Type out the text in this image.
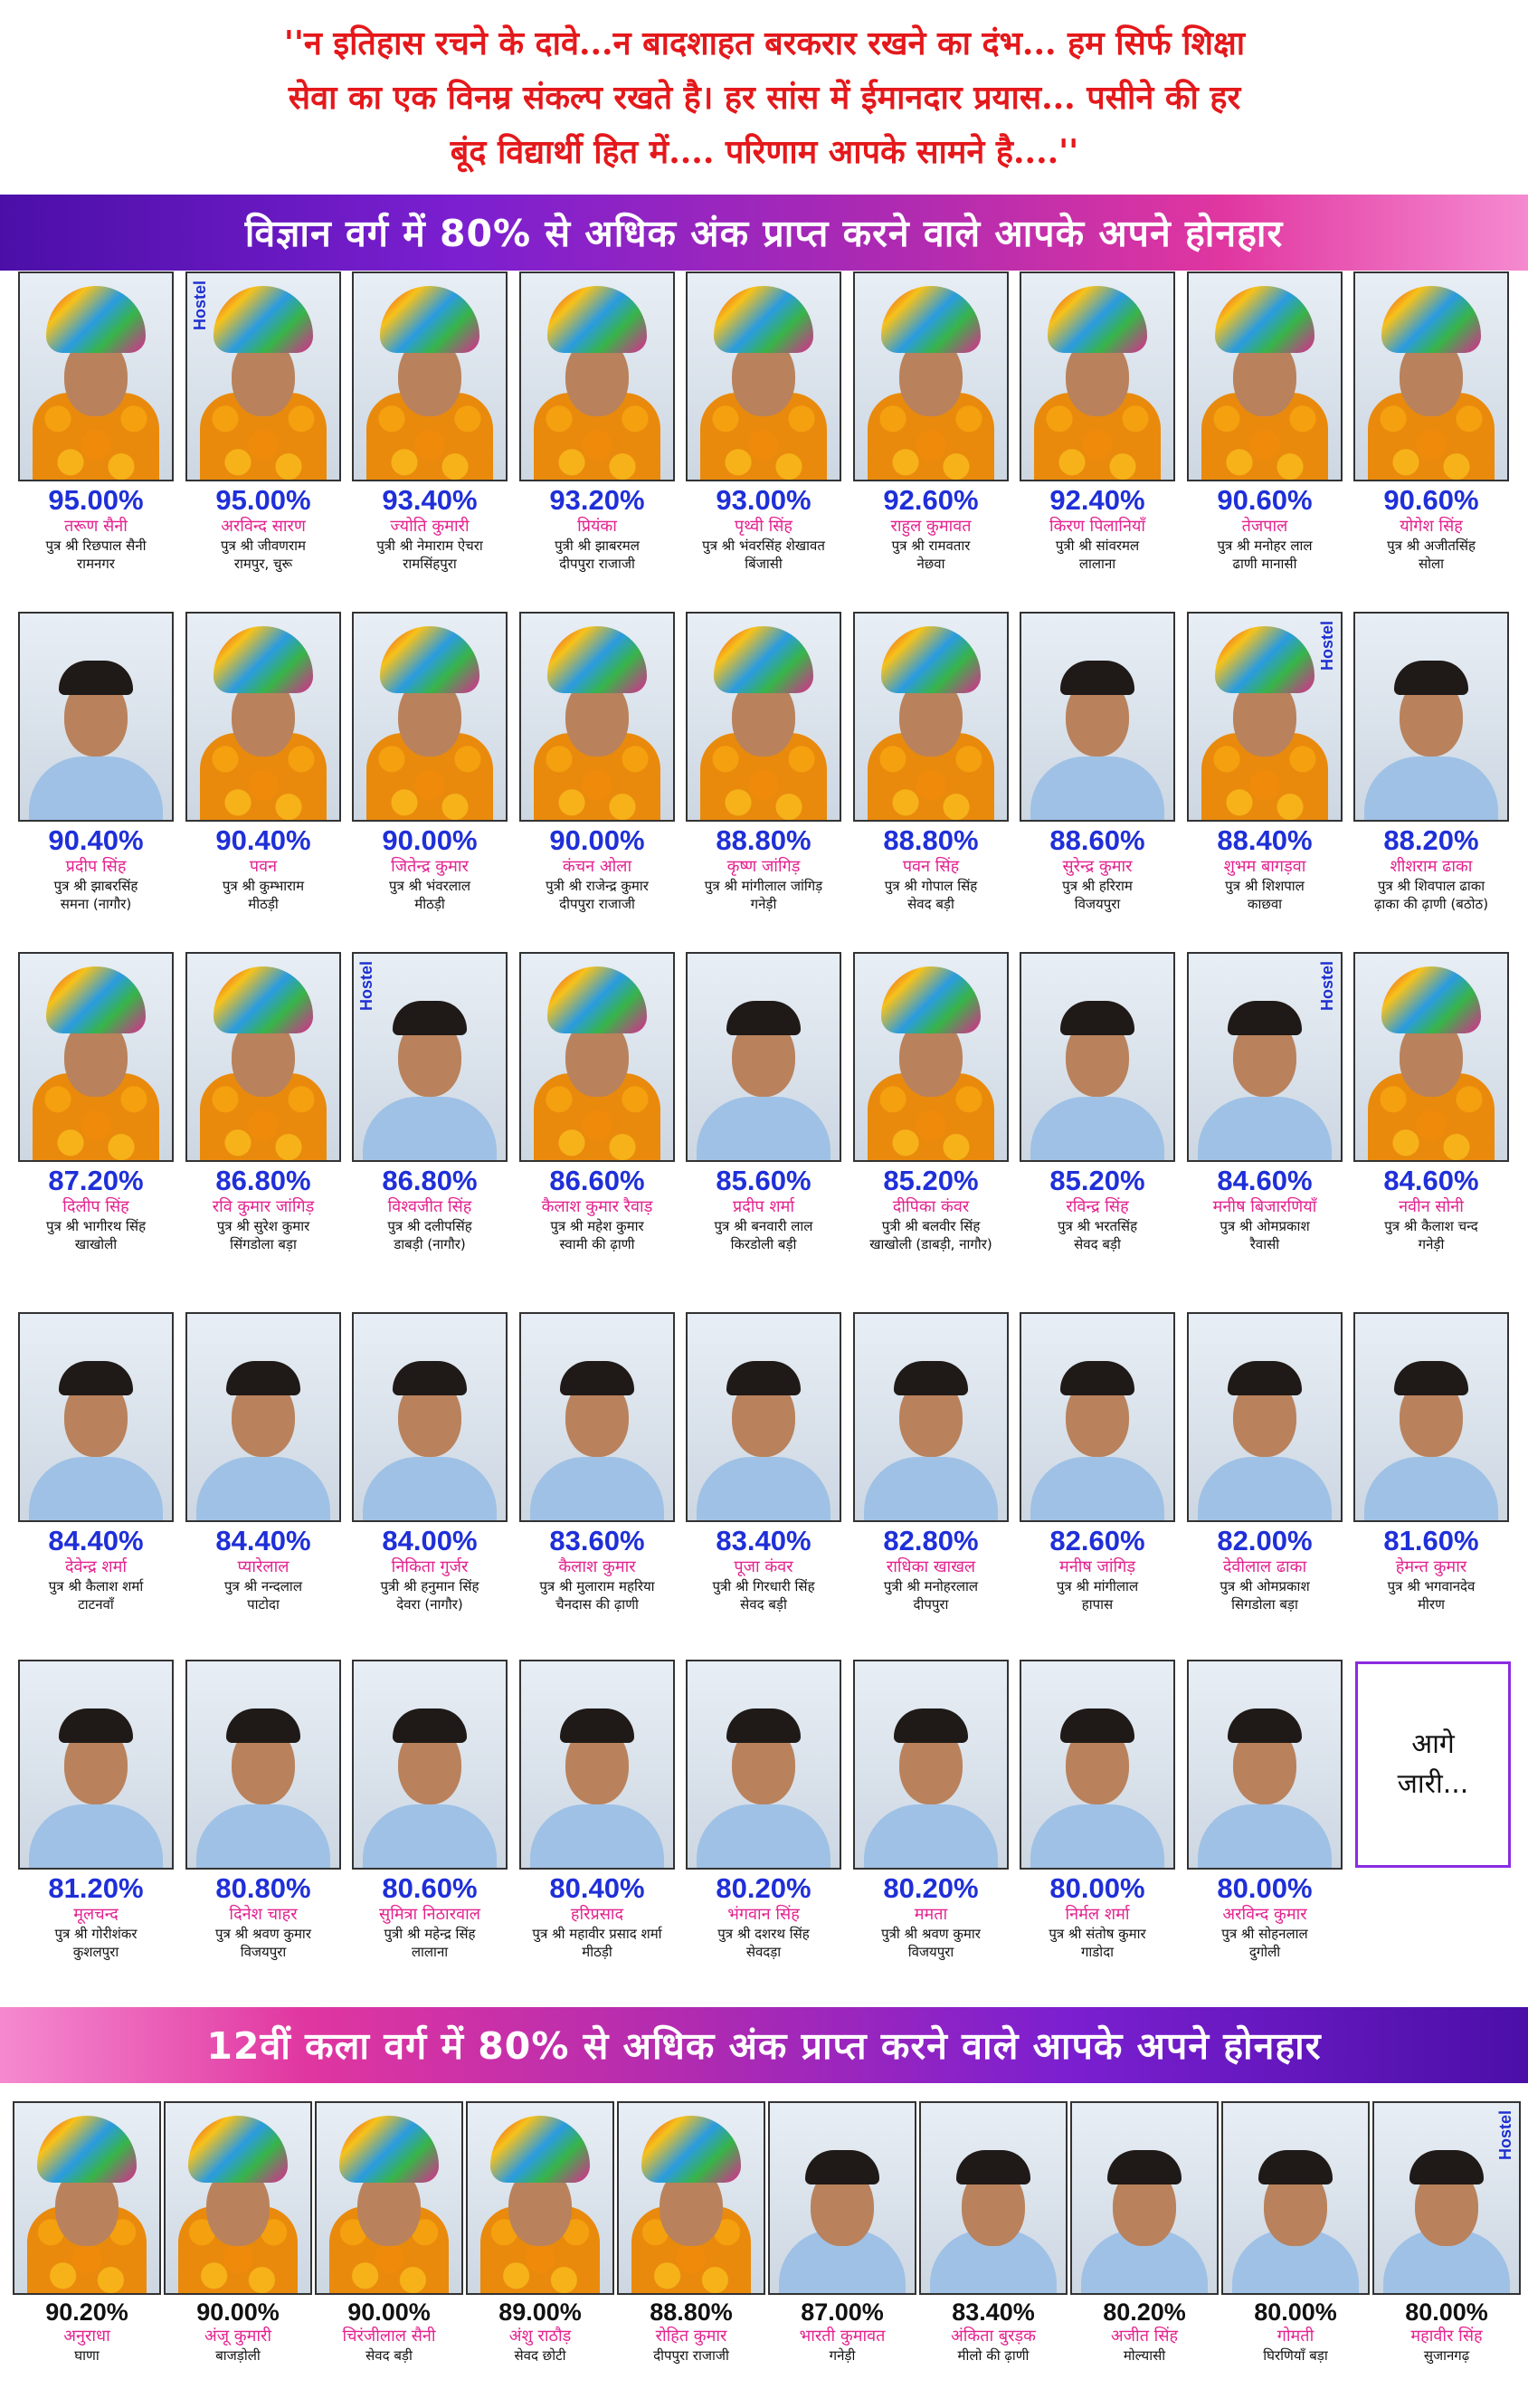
''न इतिहास रचने के दावे...न बादशाहत बरकरार रखने का दंभ... हम सिर्फ शिक्षा
सेवा का एक विनम्र संकल्प रखते है। हर सांस में ईमानदार प्रयास... पसीने की हर
बूंद विद्यार्थी हित में.... परिणाम आपके सामने है....''
विज्ञान वर्ग में 80% से अधिक अंक प्राप्त करने वाले आपके अपने होनहार
12वीं कला वर्ग में 80% से अधिक अंक प्राप्त करने वाले आपके अपने होनहार
95.00%
तरूण सैनी
पुत्र श्री रिछपाल सैनी
रामनगर
Hostel
95.00%
अरविन्द सारण
पुत्र श्री जीवणराम
रामपुर, चुरू
93.40%
ज्योति कुमारी
पुत्री श्री नेमाराम ऐचरा
रामसिंहपुरा
93.20%
प्रियंका
पुत्री श्री झाबरमल
दीपपुरा राजाजी
93.00%
पृथ्वी सिंह
पुत्र श्री भंवरसिंह शेखावत
बिंजासी
92.60%
राहुल कुमावत
पुत्र श्री रामवतार
नेछवा
92.40%
किरण पिलानियाँ
पुत्री श्री सांवरमल
लालाना
90.60%
तेजपाल
पुत्र श्री मनोहर लाल
ढाणी मानासी
90.60%
योगेश सिंह
पुत्र श्री अजीतसिंह
सोला
90.40%
प्रदीप सिंह
पुत्र श्री झाबरसिंह
समना (नागौर)
90.40%
पवन
पुत्र श्री कुम्भाराम
मीठड़ी
90.00%
जितेन्द्र कुमार
पुत्र श्री भंवरलाल
मीठड़ी
90.00%
कंचन ओला
पुत्री श्री राजेन्द्र कुमार
दीपपुरा राजाजी
88.80%
कृष्ण जांगिड़
पुत्र श्री मांगीलाल जांगिड़
गनेड़ी
88.80%
पवन सिंह
पुत्र श्री गोपाल सिंह
सेवद बड़ी
88.60%
सुरेन्द्र कुमार
पुत्र श्री हरिराम
विजयपुरा
Hostel
88.40%
शुभम बागड़वा
पुत्र श्री शिशपाल
काछवा
88.20%
शीशराम ढाका
पुत्र श्री शिवपाल ढाका
ढ़ाका की ढ़ाणी (बठोठ)
87.20%
दिलीप सिंह
पुत्र श्री भागीरथ सिंह
खाखोली
86.80%
रवि कुमार जांगिड़
पुत्र श्री सुरेश कुमार
सिंगडोला बड़ा
Hostel
86.80%
विश्वजीत सिंह
पुत्र श्री दलीपसिंह
डाबड़ी (नागौर)
86.60%
कैलाश कुमार रैवाड़
पुत्र श्री महेश कुमार
स्वामी की ढ़ाणी
85.60%
प्रदीप शर्मा
पुत्र श्री बनवारी लाल
किरडोली बड़ी
85.20%
दीपिका कंवर
पुत्री श्री बलवीर सिंह
खाखोली (डाबड़ी, नागौर)
85.20%
रविन्द्र सिंह
पुत्र श्री भरतसिंह
सेवद बड़ी
Hostel
84.60%
मनीष बिजारणियाँ
पुत्र श्री ओमप्रकाश
रैवासी
84.60%
नवीन सोनी
पुत्र श्री कैलाश चन्द
गनेड़ी
84.40%
देवेन्द्र शर्मा
पुत्र श्री कैलाश शर्मा
टाटनवाँ
84.40%
प्यारेलाल
पुत्र श्री नन्दलाल
पाटोदा
84.00%
निकिता गुर्जर
पुत्री श्री हनुमान सिंह
देवरा (नागौर)
83.60%
कैलाश कुमार
पुत्र श्री मुलाराम महरिया
चैनदास की ढ़ाणी
83.40%
पूजा कंवर
पुत्री श्री गिरधारी सिंह
सेवद बड़ी
82.80%
राधिका खाखल
पुत्री श्री मनोहरलाल
दीपपुरा
82.60%
मनीष जांगिड़
पुत्र श्री मांगीलाल
हापास
82.00%
देवीलाल ढाका
पुत्र श्री ओमप्रकाश
सिगडोला बड़ा
81.60%
हेमन्त कुमार
पुत्र श्री भगवानदेव
मीरण
81.20%
मूलचन्द
पुत्र श्री गोरीशंकर
कुशलपुरा
80.80%
दिनेश चाहर
पुत्र श्री श्रवण कुमार
विजयपुरा
80.60%
सुमित्रा निठारवाल
पुत्री श्री महेन्द्र सिंह
लालाना
80.40%
हरिप्रसाद
पुत्र श्री महावीर प्रसाद शर्मा
मीठड़ी
80.20%
भंगवान सिंह
पुत्र श्री दशरथ सिंह
सेवदड़ा
80.20%
ममता
पुत्री श्री श्रवण कुमार
विजयपुरा
80.00%
निर्मल शर्मा
पुत्र श्री संतोष कुमार
गाडोदा
80.00%
अरविन्द कुमार
पुत्र श्री सोहनलाल
दुगोली
90.20%
अनुराधा
घाणा
90.00%
अंजू कुमारी
बाजड़ोली
90.00%
चिरंजीलाल सैनी
सेवद बड़ी
89.00%
अंशु राठौड़
सेवद छोटी
88.80%
रोहित कुमार
दीपपुरा राजाजी
87.00%
भारती कुमावत
गनेड़ी
83.40%
अंकिता बुरड़क
मीलो की ढ़ाणी
80.20%
अजीत सिंह
मोल्यासी
80.00%
गोमती
घिरणियाँ बड़ा
Hostel
80.00%
महावीर सिंह
सुजानगढ़
आगे जारी...
